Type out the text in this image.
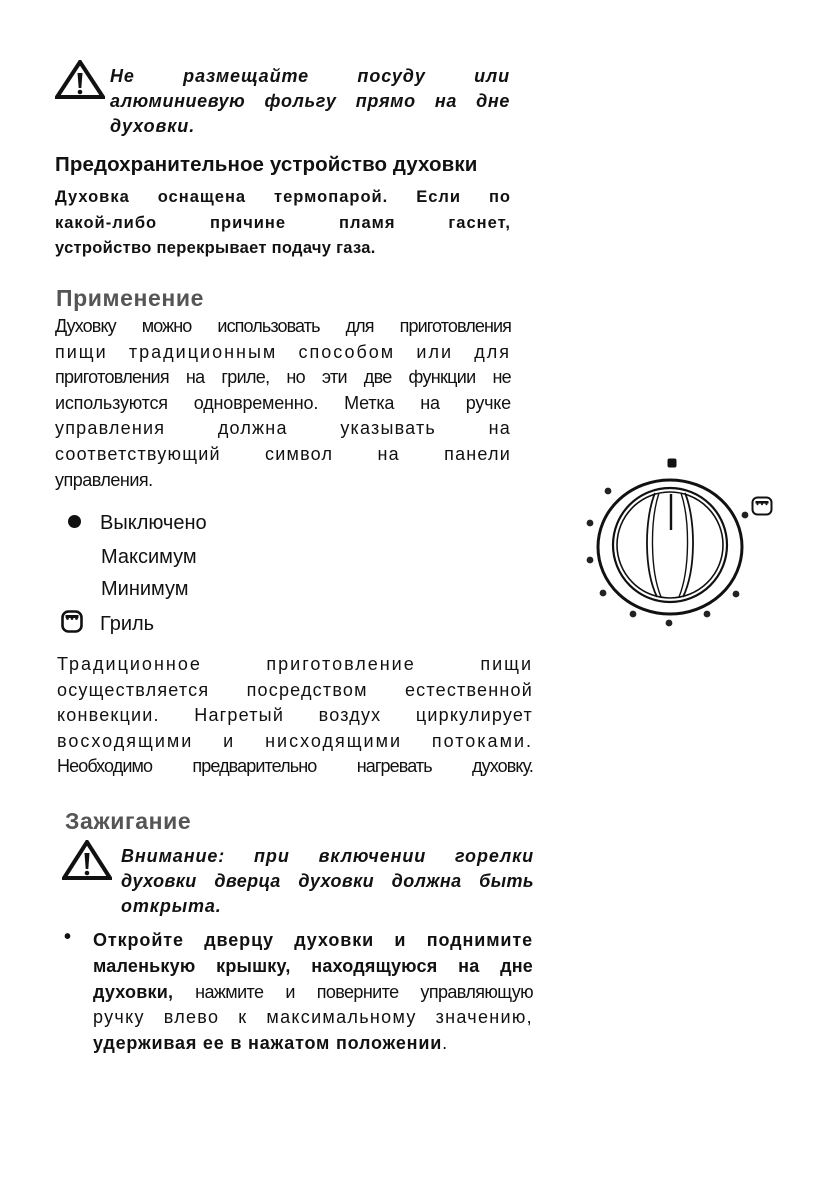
Не размещайте посуду или
алюминиевую фольгу прямо на дне
духовки.
Предохранительное устройство духовки
Духовка оснащена термопарой. Если по
какой-либо причине пламя гаснет,
устройство перекрывает подачу газа.
Применение
Духовку можно использовать для приготовления
пищи традиционным способом или для
приготовления на гриле, но эти две функции не
используются одновременно. Метка на ручке
управления должна указывать на
соответствующий символ на панели
управления.
Выключено
Максимум
Минимум
Гриль
Традиционное приготовление пищи
осуществляется посредством естественной
конвекции. Нагретый воздух циркулирует
восходящими и нисходящими потоками.
Необходимо предварительно нагревать духовку.
Зажигание
Внимание: при включении горелки
духовки дверца духовки должна быть
открыта.
• Откройте дверцу духовки и поднимите
маленькую крышку, находящуюся на дне
духовки, нажмите и поверните управляющую
ручку влево к максимальному значению,
удерживая ее в нажатом положении.
